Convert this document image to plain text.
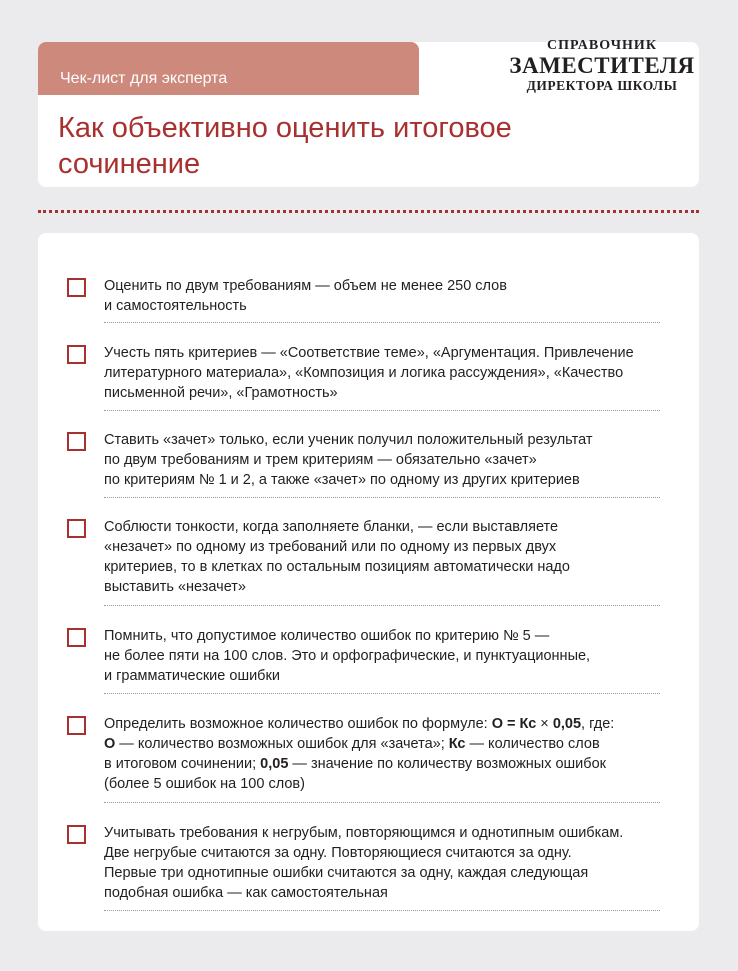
Чек-лист для эксперта
Как объективно оценить итоговое
сочинение
СПРАВОЧНИК
ЗАМЕСТИТЕЛЯ
ДИРЕКТОРА ШКОЛЫ
Оценить по двум требованиям — объем не менее 250 слов
и самостоятельность
Учесть пять критериев — «Соответствие теме», «Аргументация. Привлечение
литературного материала», «Композиция и логика рассуждения», «Качество
письменной речи», «Грамотность»
Ставить «зачет» только, если ученик получил положительный результат
по двум требованиям и трем критериям — обязательно «зачет»
по критериям № 1 и 2, а также «зачет» по одному из других критериев
Соблюсти тонкости, когда заполняете бланки, — если выставляете
«незачет» по одному из требований или по одному из первых двух
критериев, то в клетках по остальным позициям автоматически надо
выставить «незачет»
Помнить, что допустимое количество ошибок по критерию № 5 —
не более пяти на 100 слов. Это и орфографические, и пунктуационные,
и грамматические ошибки
Определить возможное количество ошибок по формуле: О = Кс × 0,05, где:
О — количество возможных ошибок для «зачета»; Кс — количество слов
в итоговом сочинении; 0,05 — значение по количеству возможных ошибок
(более 5 ошибок на 100 слов)
Учитывать требования к негрубым, повторяющимся и однотипным ошибкам.
Две негрубые считаются за одну. Повторяющиеся считаются за одну.
Первые три однотипные ошибки считаются за одну, каждая следующая
подобная ошибка — как самостоятельная
